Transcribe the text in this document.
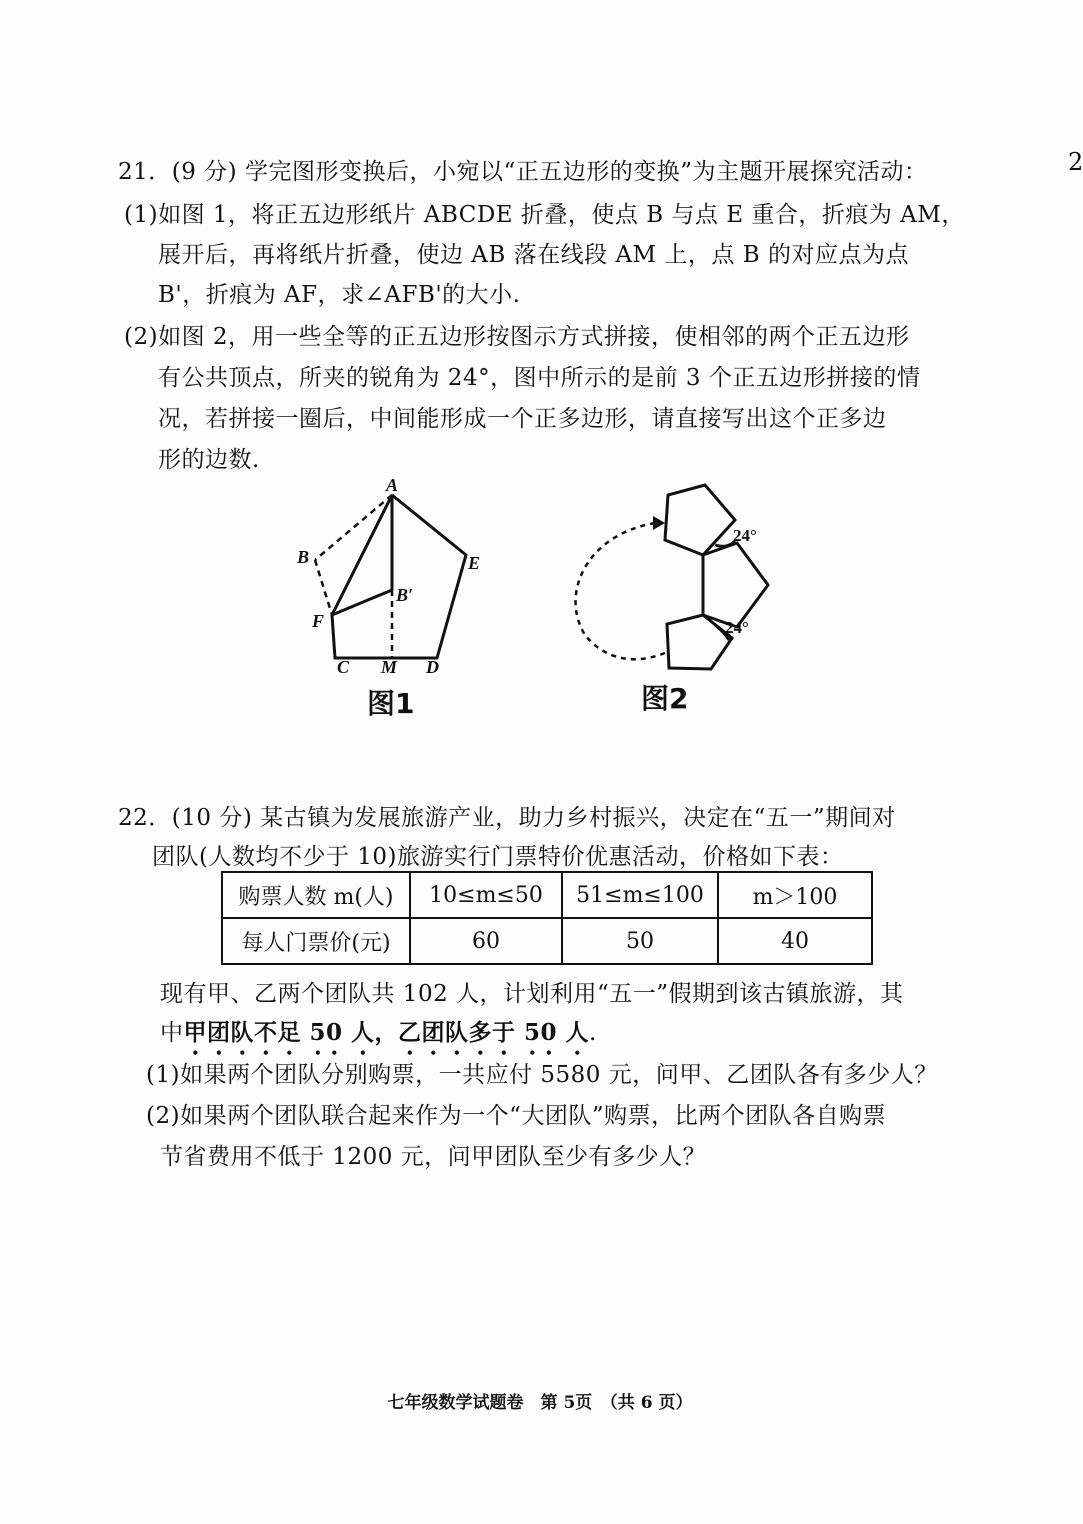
2
21．(9 分) 学完图形变换后，小宛以“正五边形的变换”为主题开展探究活动：
(1)如图 1，将正五边形纸片 ABCDE 折叠，使点 B 与点 E 重合，折痕为 AM，
展开后，再将纸片折叠，使边 AB 落在线段 AM 上，点 B 的对应点为点
B'，折痕为 AF，求∠AFB'的大小.
(2)如图 2，用一些全等的正五边形按图示方式拼接，使相邻的两个正五边形
有公共顶点，所夹的锐角为 24°，图中所示的是前 3 个正五边形拼接的情
况，若拼接一圈后，中间能形成一个正多边形，请直接写出这个正多边
形的边数.
A
B	E
B′
F
C M D
图1
24°
24°
图2
22．(10 分) 某古镇为发展旅游产业，助力乡村振兴，决定在“五一”期间对
团队(人数均不少于 10)旅游实行门票特价优惠活动，价格如下表：
购票人数 m(人)	10≤m≤50	51≤m≤100	m＞100
每人门票价(元)	60	50	40
现有甲、乙两个团队共 102 人，计划利用“五一”假期到该古镇旅游，其
中甲团队不足 50 人，乙团队多于 50 人.
(1)如果两个团队分别购票，一共应付 5580 元，问甲、乙团队各有多少人？
(2)如果两个团队联合起来作为一个“大团队”购票，比两个团队各自购票
节省费用不低于 1200 元，问甲团队至少有多少人？
七年级数学试题卷　第 5页　（共 6 页）
